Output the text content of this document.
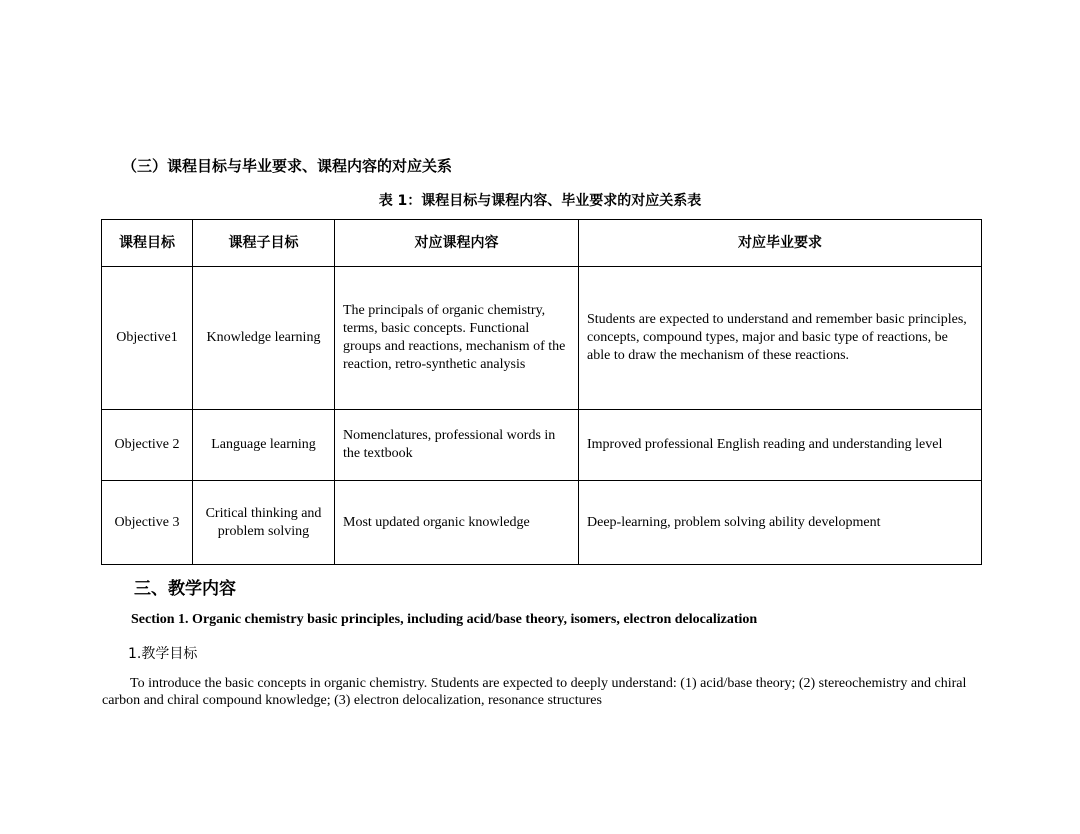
（三）课程目标与毕业要求、课程内容的对应关系
表 1：课程目标与课程内容、毕业要求的对应关系表
课程目标	课程子目标	对应课程内容	对应毕业要求
Objective1	Knowledge learning	The principals of organic chemistry, terms, basic concepts. Functional groups and reactions, mechanism of the reaction, retro-synthetic analysis	Students are expected to understand and remember basic principles, concepts, compound types, major and basic type of reactions, be able to draw the mechanism of these reactions.
Objective 2	Language learning	Nomenclatures, professional words in the textbook	Improved professional English reading and understanding level
Objective 3	Critical thinking and problem solving	Most updated organic knowledge	Deep-learning, problem solving ability development
三、教学内容
Section 1. Organic chemistry basic principles, including acid/base theory, isomers, electron delocalization
1.教学目标
To introduce the basic concepts in organic chemistry. Students are expected to deeply understand: (1) acid/base theory; (2) stereochemistry and chiral carbon and chiral compound knowledge; (3) electron delocalization, resonance structures
